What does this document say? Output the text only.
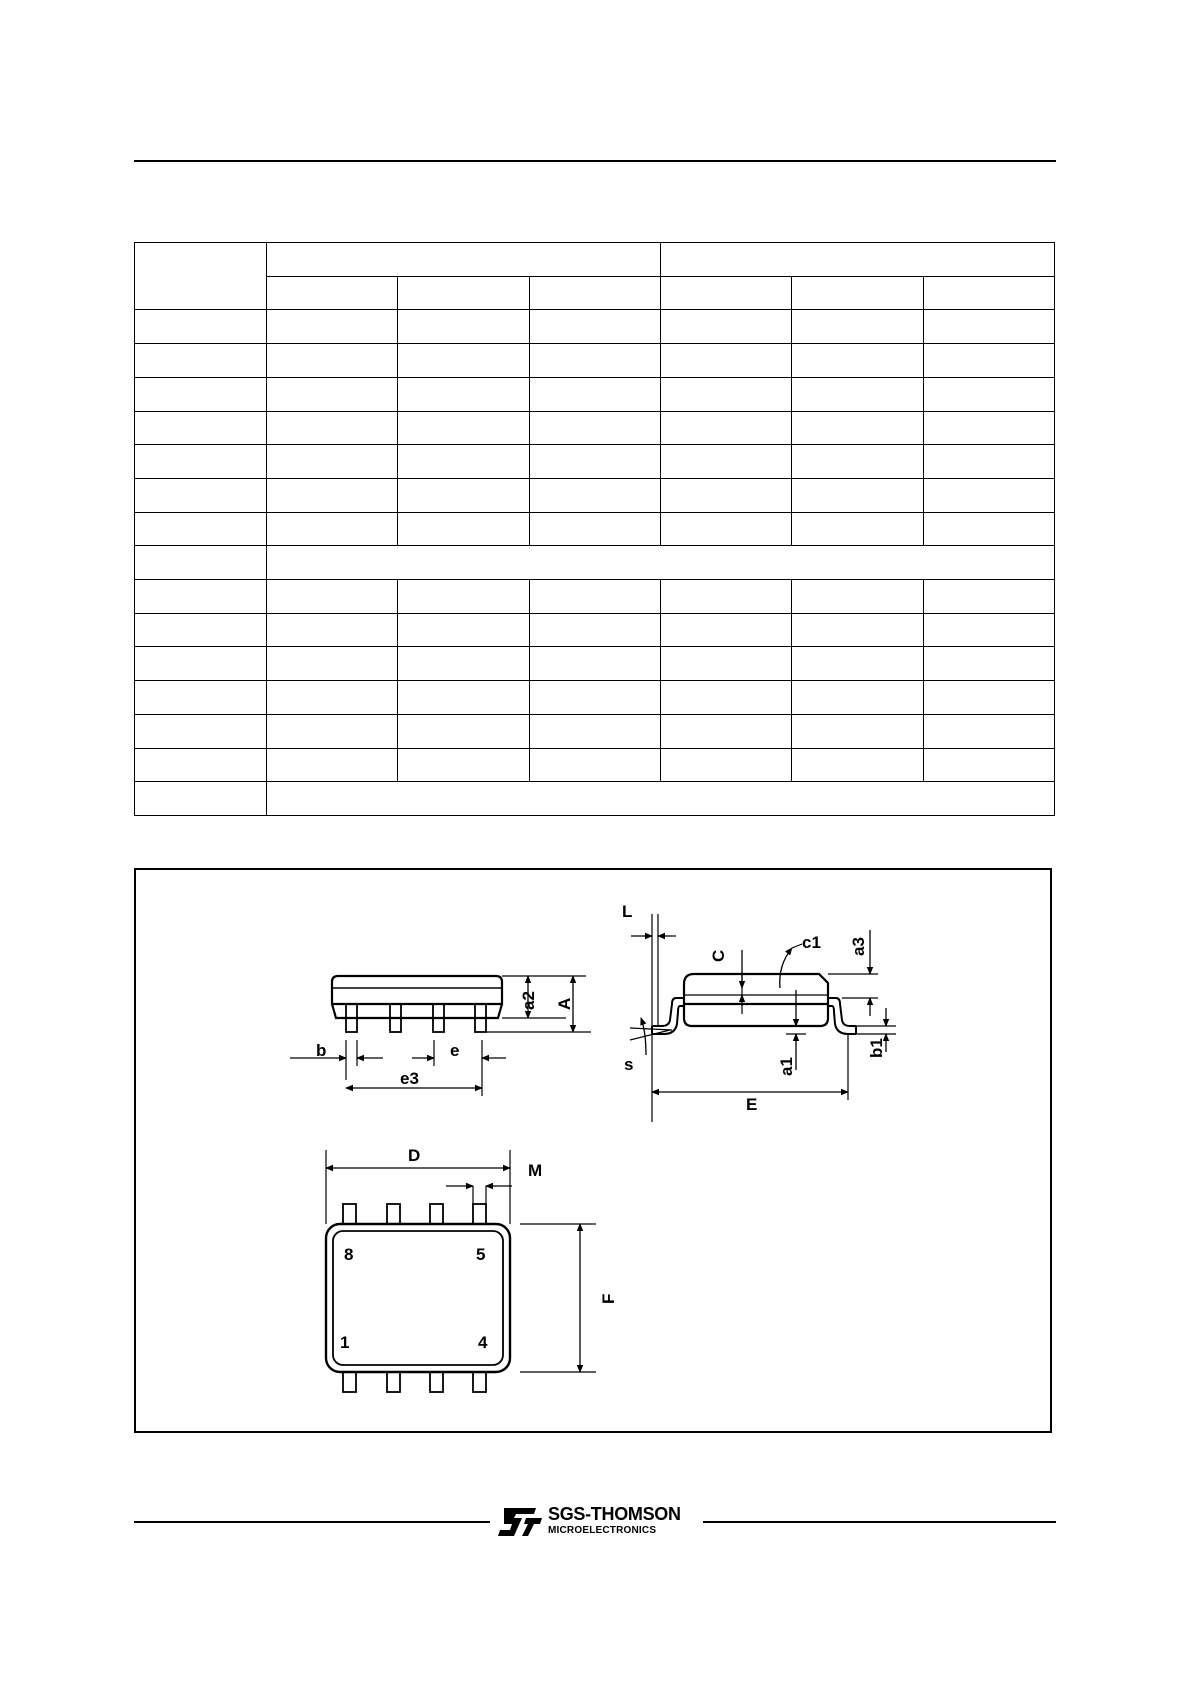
L
C
c1 a3
a2 A
b	e
e3
s	a1
b1
E
D
M
F
8	5
1	4
SGS-THOMSON
MICROELECTRONICS
